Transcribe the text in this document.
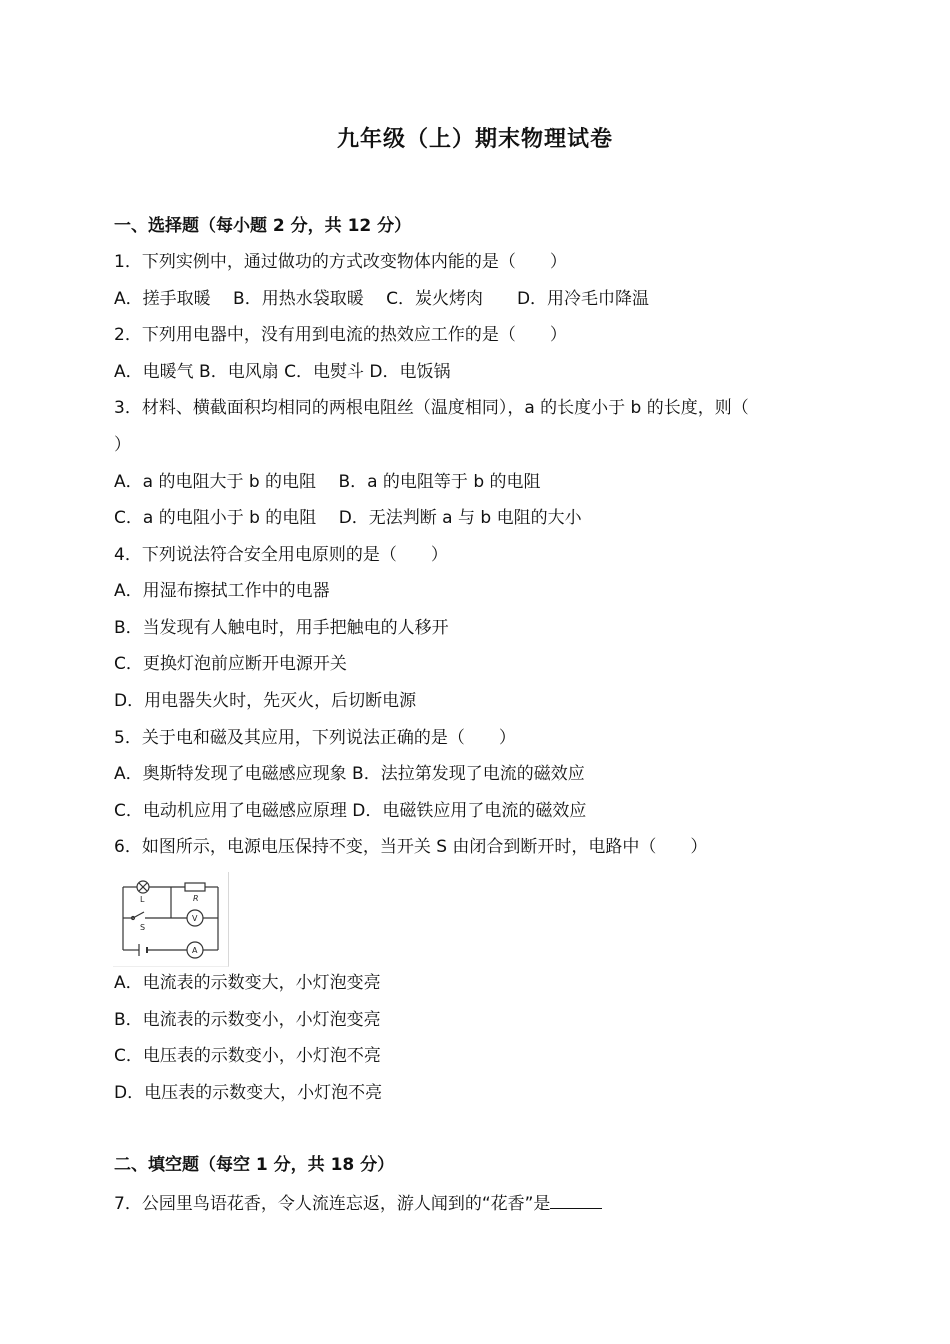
九年级（上）期末物理试卷
一、选择题（每小题 2 分，共 12 分）
1．下列实例中，通过做功的方式改变物体内能的是（　　）
A．搓手取暖　 B．用热水袋取暖　 C．炭火烤肉　　D．用冷毛巾降温
2．下列用电器中，没有用到电流的热效应工作的是（　　）
A．电暖气 B．电风扇 C．电熨斗 D．电饭锅
3．材料、横截面积均相同的两根电阻丝（温度相同），a 的长度小于 b 的长度，则（
）
A．a 的电阻大于 b 的电阻　 B．a 的电阻等于 b 的电阻
C．a 的电阻小于 b 的电阻　 D．无法判断 a 与 b 电阻的大小
4．下列说法符合安全用电原则的是（　　）
A．用湿布擦拭工作中的电器
B．当发现有人触电时，用手把触电的人移开
C．更换灯泡前应断开电源开关
D．用电器失火时，先灭火，后切断电源
5．关于电和磁及其应用，下列说法正确的是（　　）
A．奥斯特发现了电磁感应现象 B．法拉第发现了电流的磁效应
C．电动机应用了电磁感应原理 D．电磁铁应用了电流的磁效应
6．如图所示，电源电压保持不变，当开关 S 由闭合到断开时，电路中（　　）
L	R
S
V
A
A．电流表的示数变大，小灯泡变亮
B．电流表的示数变小，小灯泡变亮
C．电压表的示数变小，小灯泡不亮
D．电压表的示数变大，小灯泡不亮
二、填空题（每空 1 分，共 18 分）
7．公园里鸟语花香，令人流连忘返，游人闻到的“花香”是
